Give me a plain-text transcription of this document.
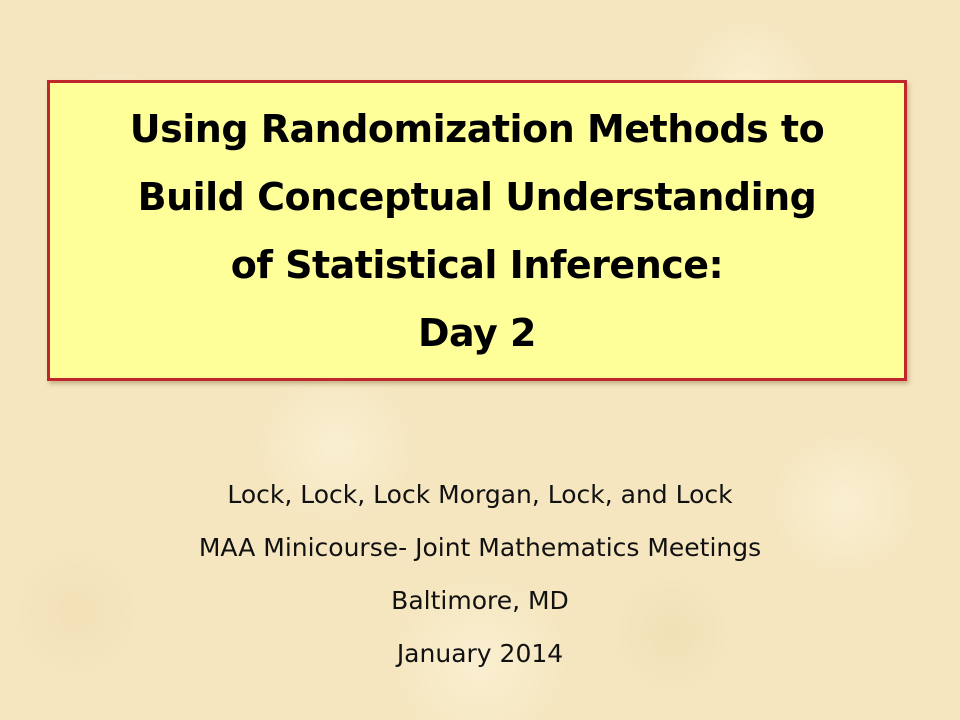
Using Randomization Methods to
Build Conceptual Understanding
of Statistical Inference:
Day 2
Lock, Lock, Lock Morgan, Lock, and Lock
MAA Minicourse- Joint Mathematics Meetings
Baltimore, MD
January 2014
